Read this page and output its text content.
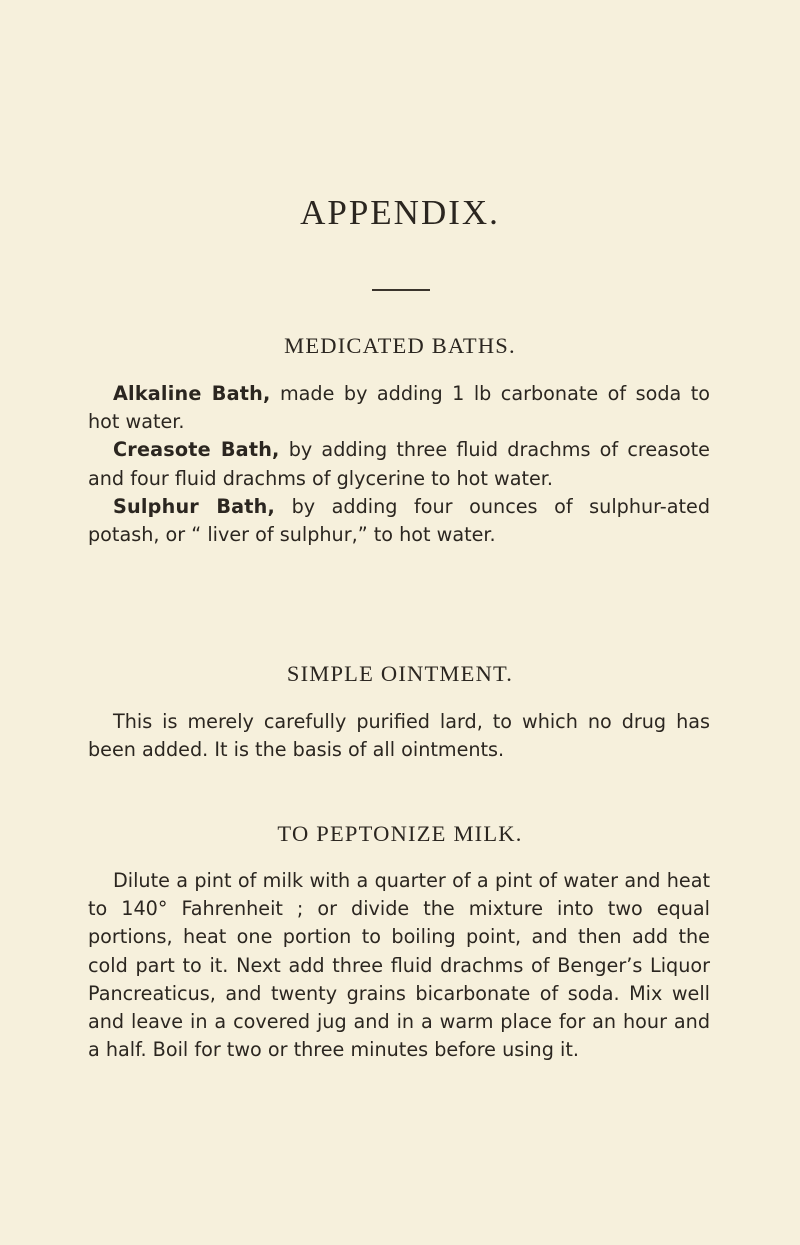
APPENDIX.
MEDICATED BATHS.

Alkaline Bath, made by adding 1 lb carbonate of soda to hot water.

Creasote Bath, by adding three fluid drachms of creasote and four fluid drachms of glycerine to hot water.

Sulphur Bath, by adding four ounces of sulphur-ated potash, or “ liver of sulphur,” to hot water.

SIMPLE OINTMENT.

This is merely carefully purified lard, to which no drug has been added. It is the basis of all ointments.

TO PEPTONIZE MILK.

Dilute a pint of milk with a quarter of a pint of water and heat to 140° Fahrenheit ; or divide the mixture into two equal portions, heat one portion to boiling point, and then add the cold part to it. Next add three fluid drachms of Benger’s Liquor Pancreaticus, and twenty grains bicarbonate of soda. Mix well and leave in a covered jug and in a warm place for an hour and a half. Boil for two or three minutes before using it.
